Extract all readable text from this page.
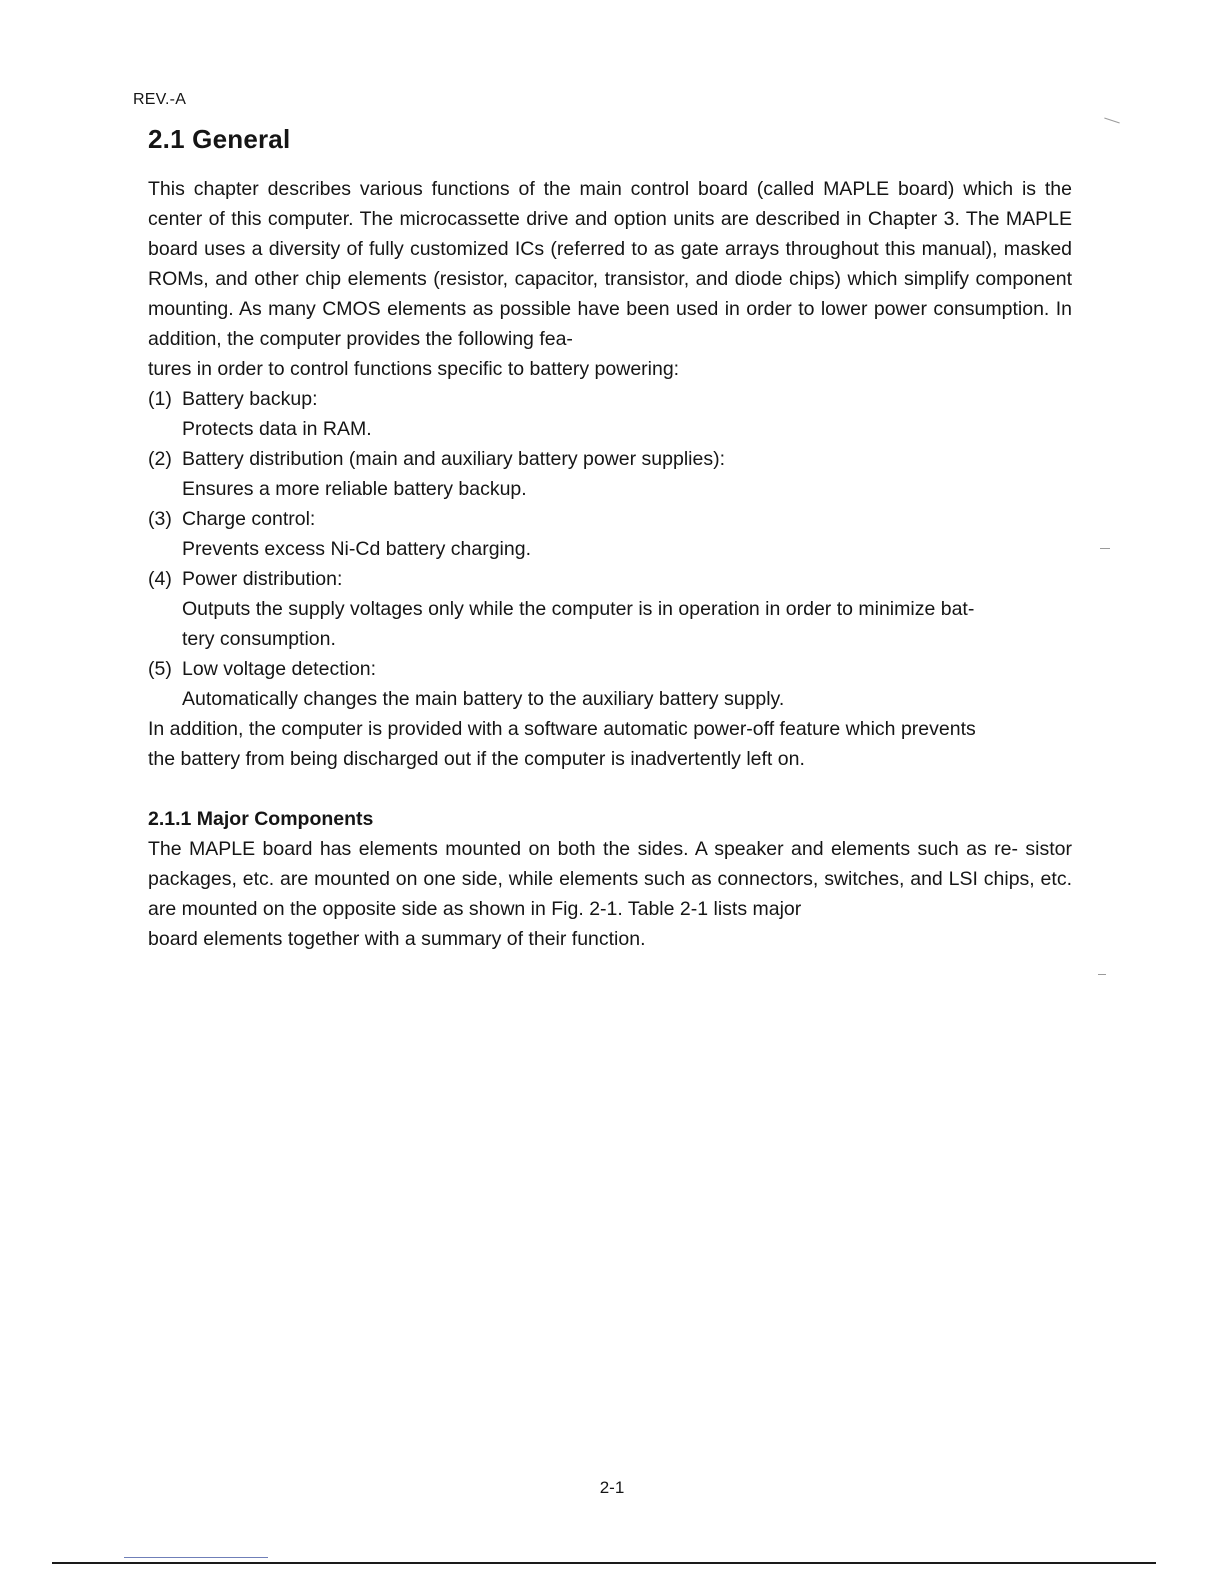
REV.-A
2.1 General

This chapter describes various functions of the main control board (called MAPLE board) which is the center of this computer. The microcassette drive and option units are described in Chapter 3. The MAPLE board uses a diversity of fully customized ICs (referred to as gate arrays throughout this manual), masked ROMs, and other chip elements (resistor, capacitor, transistor, and diode chips) which simplify component mounting. As many CMOS elements as possible have been used in order to lower power consumption. In addition, the computer provides the following fea-
tures in order to control functions specific to battery powering:

(1) Battery backup:
Protects data in RAM.
(2) Battery distribution (main and auxiliary battery power supplies):
Ensures a more reliable battery backup.
(3) Charge control:
Prevents excess Ni-Cd battery charging.
(4) Power distribution:
Outputs the supply voltages only while the computer is in operation in order to minimize bat-
tery consumption.
(5) Low voltage detection:
Automatically changes the main battery to the auxiliary battery supply.

In addition, the computer is provided with a software automatic power-off feature which prevents
the battery from being discharged out if the computer is inadvertently left on.

2.1.1 Major Components

The MAPLE board has elements mounted on both the sides. A speaker and elements such as re- sistor packages, etc. are mounted on one side, while elements such as connectors, switches, and LSI chips, etc. are mounted on the opposite side as shown in Fig. 2-1. Table 2-1 lists major
board elements together with a summary of their function.

2-1
